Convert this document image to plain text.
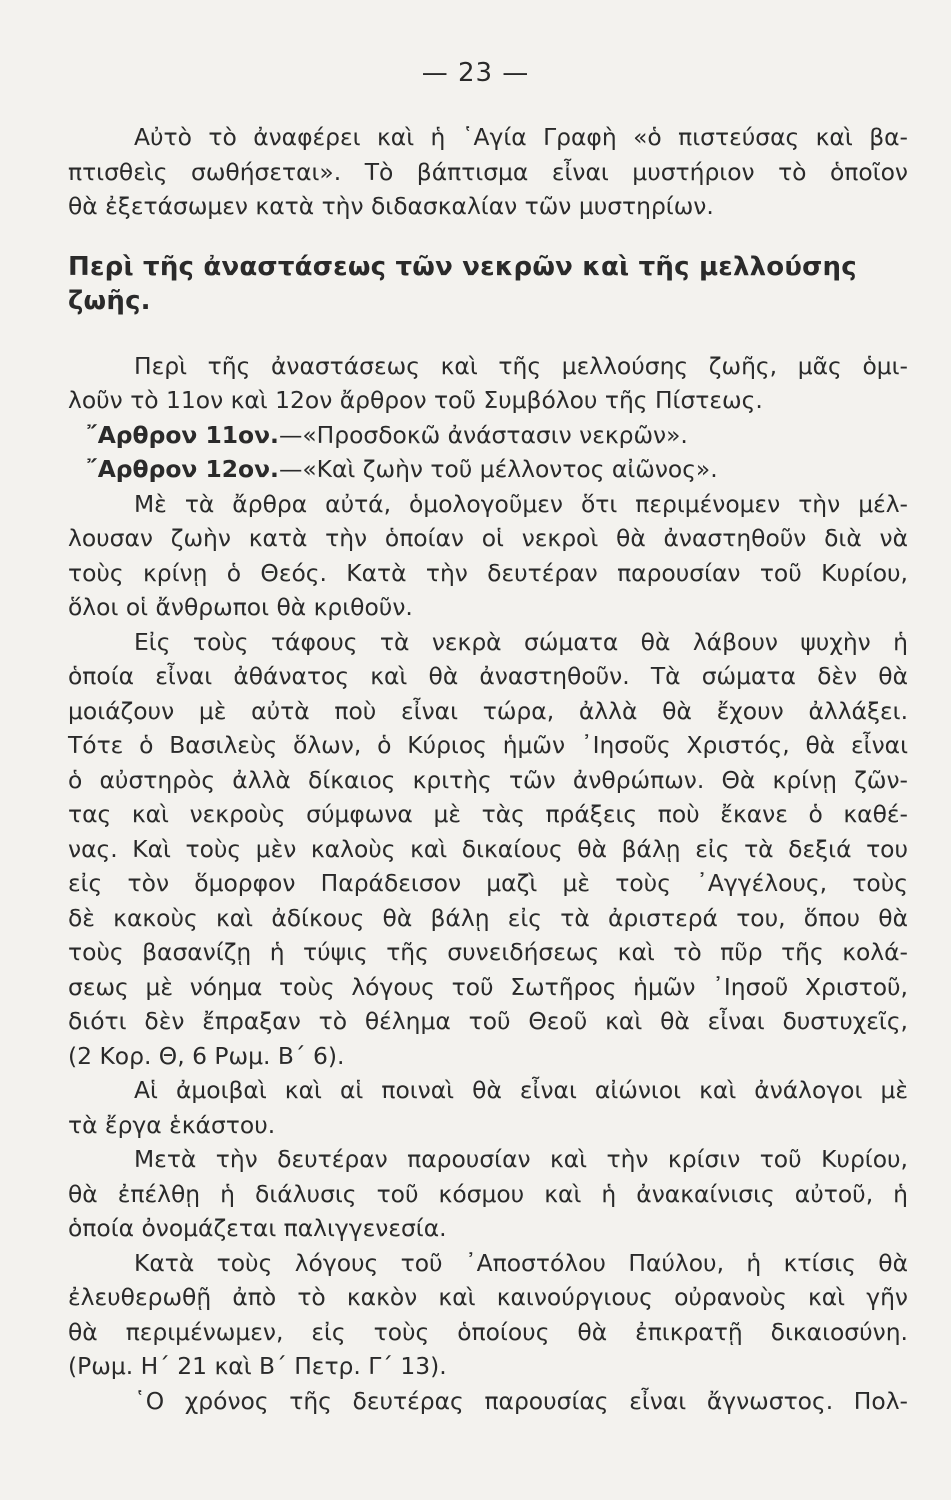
— 23 —
Αὐτὸ τὸ ἀναφέρει καὶ ἡ ῾Αγία Γραφὴ «ὁ πιστεύσας καὶ βα-
πτισθεὶς σωθήσεται». Τὸ βάπτισμα εἶναι μυστήριον τὸ ὁποῖον
θὰ ἐξετάσωμεν κατὰ τὴν διδασκαλίαν τῶν μυστηρίων.
Περὶ τῆς ἀναστάσεως τῶν νεκρῶν καὶ τῆς μελλούσης ζωῆς.
Περὶ τῆς ἀναστάσεως καὶ τῆς μελλούσης ζωῆς, μᾶς ὁμι-
λοῦν τὸ 11ον καὶ 12ον ἄρθρον τοῦ Συμβόλου τῆς Πίστεως.
῎Αρθρον 11ον.—«Προσδοκῶ ἀνάστασιν νεκρῶν».
῎Αρθρον 12ον.—«Καὶ ζωὴν τοῦ μέλλοντος αἰῶνος».
Μὲ τὰ ἄρθρα αὐτά, ὁμολογοῦμεν ὅτι περιμένομεν τὴν μέλ-
λουσαν ζωὴν κατὰ τὴν ὁποίαν οἱ νεκροὶ θὰ ἀναστηθοῦν διὰ νὰ
τοὺς κρίνῃ ὁ Θεός. Κατὰ τὴν δευτέραν παρουσίαν τοῦ Κυρίου,
ὅλοι οἱ ἄνθρωποι θὰ κριθοῦν.
Εἰς τοὺς τάφους τὰ νεκρὰ σώματα θὰ λάβουν ψυχὴν ἡ
ὁποία εἶναι ἀθάνατος καὶ θὰ ἀναστηθοῦν. Τὰ σώματα δὲν θὰ
μοιάζουν μὲ αὐτὰ ποὺ εἶναι τώρα, ἀλλὰ θὰ ἔχουν ἀλλάξει.
Τότε ὁ Βασιλεὺς ὅλων, ὁ Κύριος ἡμῶν ᾿Ιησοῦς Χριστός, θὰ εἶναι
ὁ αὐστηρὸς ἀλλὰ δίκαιος κριτὴς τῶν ἀνθρώπων. Θὰ κρίνῃ ζῶν-
τας καὶ νεκροὺς σύμφωνα μὲ τὰς πράξεις ποὺ ἔκανε ὁ καθέ-
νας. Καὶ τοὺς μὲν καλοὺς καὶ δικαίους θὰ βάλῃ εἰς τὰ δεξιά του
εἰς τὸν ὅμορφον Παράδεισον μαζὶ μὲ τοὺς ᾿Αγγέλους, τοὺς
δὲ κακοὺς καὶ ἀδίκους θὰ βάλῃ εἰς τὰ ἀριστερά του, ὅπου θὰ
τοὺς βασανίζῃ ἡ τύψις τῆς συνειδήσεως καὶ τὸ πῦρ τῆς κολά-
σεως μὲ νόημα τοὺς λόγους τοῦ Σωτῆρος ἡμῶν ᾿Ιησοῦ Χριστοῦ,
διότι δὲν ἔπραξαν τὸ θέλημα τοῦ Θεοῦ καὶ θὰ εἶναι δυστυχεῖς,
(2 Κορ. Θ, 6 Ρωμ. Β΄ 6).
Αἱ ἀμοιβαὶ καὶ αἱ ποιναὶ θὰ εἶναι αἰώνιοι καὶ ἀνάλογοι μὲ
τὰ ἔργα ἑκάστου.
Μετὰ τὴν δευτέραν παρουσίαν καὶ τὴν κρίσιν τοῦ Κυρίου,
θὰ ἐπέλθῃ ἡ διάλυσις τοῦ κόσμου καὶ ἡ ἀνακαίνισις αὐτοῦ, ἡ
ὁποία ὀνομάζεται παλιγγενεσία.
Κατὰ τοὺς λόγους τοῦ ᾿Αποστόλου Παύλου, ἡ κτίσις θὰ
ἐλευθερωθῇ ἀπὸ τὸ κακὸν καὶ καινούργιους οὐρανοὺς καὶ γῆν
θὰ περιμένωμεν, εἰς τοὺς ὁποίους θὰ ἐπικρατῇ δικαιοσύνη.
(Ρωμ. Η΄ 21 καὶ Β΄ Πετρ. Γ΄ 13).
῾Ο χρόνος τῆς δευτέρας παρουσίας εἶναι ἄγνωστος. Πολ-
